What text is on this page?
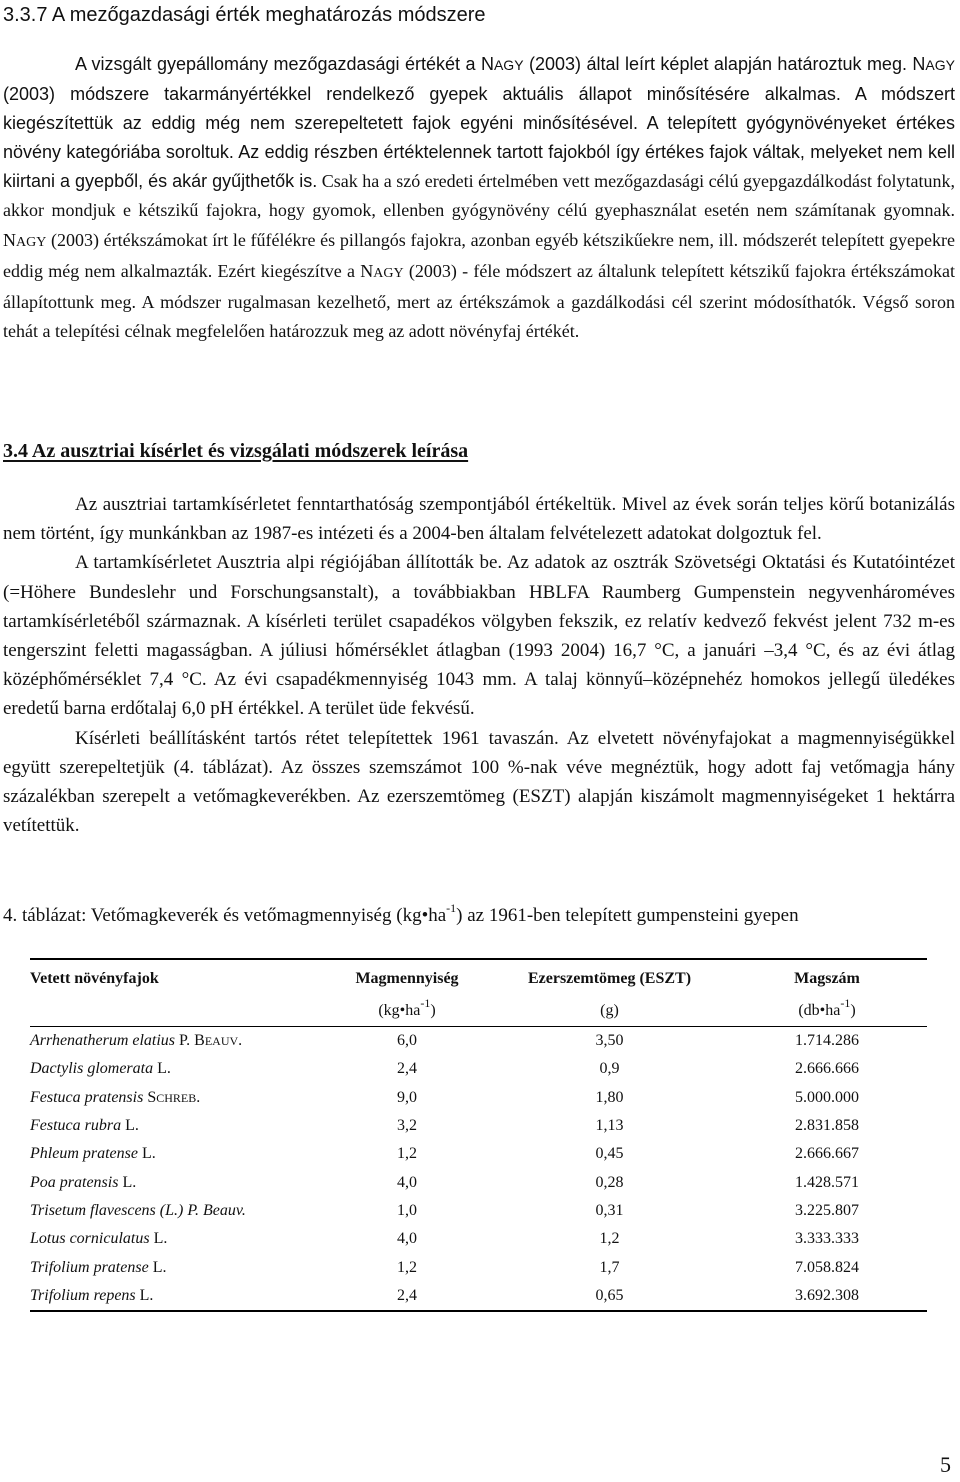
3.3.7 A mezőgazdasági érték meghatározás módszere

A vizsgált gyepállomány mezőgazdasági értékét a NAGY (2003) által leírt képlet alapján határoztuk meg. NAGY (2003) módszere takarmányértékkel rendelkező gyepek aktuális állapot minősítésére alkalmas. A módszert kiegészítettük az eddig még nem szerepeltetett fajok egyéni minősítésével. A telepített gyógynövényeket értékes növény kategóriába soroltuk. Az eddig részben értéktelennek tartott fajokból így értékes fajok váltak, melyeket nem kell kiirtani a gyepből, és akár gyűjthetők is. Csak ha a szó eredeti értelmében vett mezőgazdasági célú gyepgazdálkodást folytatunk, akkor mondjuk e kétszikű fajokra, hogy gyomok, ellenben gyógynövény célú gyephasználat esetén nem számítanak gyomnak. NAGY (2003) értékszámokat írt le fűfélékre és pillangós fajokra, azonban egyéb kétszikűekre nem, ill. módszerét telepített gyepekre eddig még nem alkalmazták. Ezért kiegészítve a NAGY (2003) - féle módszert az általunk telepített kétszikű fajokra értékszámokat állapítottunk meg. A módszer rugalmasan kezelhető, mert az értékszámok a gazdálkodási cél szerint módosíthatók. Végső soron tehát a telepítési célnak megfelelően határozzuk meg az adott növényfaj értékét.

3.4 Az ausztriai kísérlet és vizsgálati módszerek leírása
Az ausztriai tartamkísérletet fenntarthatóság szempontjából értékeltük. Mivel az évek során teljes körű botanizálás nem történt, így munkánkban az 1987-es intézeti és a 2004-ben általam felvételezett adatokat dolgoztuk fel.
A tartamkísérletet Ausztria alpi régiójában állították be. Az adatok az osztrák Szövetségi Oktatási és Kutatóintézet (=Höhere Bundeslehr und Forschungsanstalt), a továbbiakban HBLFA Raumberg Gumpenstein negyvenhároméves tartamkísérletéből származnak. A kísérleti terület csapadékos völgyben fekszik, ez relatív kedvező fekvést jelent 732 m-es tengerszint feletti magasságban. A júliusi hőmérséklet átlagban (1993 2004) 16,7 °C, a januári –3,4 °C, és az évi átlag középhőmérséklet 7,4 °C. Az évi csapadékmennyiség 1043 mm. A talaj könnyű–középnehéz homokos jellegű üledékes eredetű barna erdőtalaj 6,0 pH értékkel. A terület üde fekvésű.
Kísérleti beállításként tartós rétet telepítettek 1961 tavaszán. Az elvetett növényfajokat a magmennyiségükkel együtt szerepeltetjük (4. táblázat). Az összes szemszámot 100 %-nak véve megnéztük, hogy adott faj vetőmagja hány százalékban szerepelt a vetőmagkeverékben. Az ezerszemtömeg (ESZT) alapján kiszámolt magmennyiségeket 1 hektárra vetítettük.

4. táblázat: Vetőmagkeverék és vetőmagmennyiség $(kg•ha^{-1})$ az 1961-ben telepített gumpensteini gyepen

Vetett növényfajok	Magmennyiség	Ezerszemtömeg (ESZT)	Magszám
	$(kg•ha^{-1})$	(g)	$(db•ha^{-1})$
Arrhenatherum elatius P. BEAUV.	6,0	3,50	1.714.286
Dactylis glomerata L.	2,4	0,9	2.666.666
Festuca pratensis SCHREB.	9,0	1,80	5.000.000
Festuca rubra L.	3,2	1,13	2.831.858
Phleum pratense L.	1,2	0,45	2.666.667
Poa pratensis L.	4,0	0,28	1.428.571
Trisetum flavescens (L.) P. Beauv.	1,0	0,31	3.225.807
Lotus corniculatus L.	4,0	1,2	3.333.333
Trifolium pratense L.	1,2	1,7	7.058.824
Trifolium repens L.	2,4	0,65	3.692.308
5
